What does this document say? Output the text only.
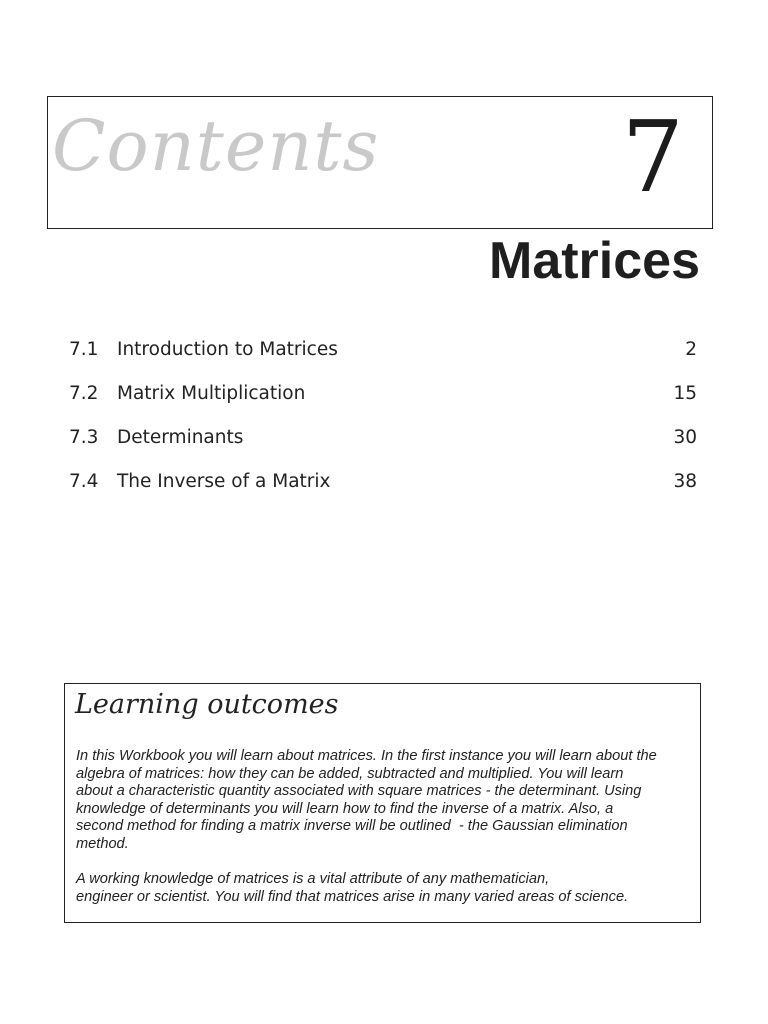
Contents 7
Matrices
7.1 Introduction to Matrices	2
7.2 Matrix Multiplication	15
7.3 Determinants	30
7.4 The Inverse of a Matrix	38
Learning outcomes

In this Workbook you will learn about matrices. In the first instance you will learn about the
algebra of matrices: how they can be added, subtracted and multiplied. You will learn
about a characteristic quantity associated with square matrices - the determinant. Using
knowledge of determinants you will learn how to find the inverse of a matrix. Also, a
second method for finding a matrix inverse will be outlined  - the Gaussian elimination
method.

A working knowledge of matrices is a vital attribute of any mathematician,
engineer or scientist. You will find that matrices arise in many varied areas of science.
